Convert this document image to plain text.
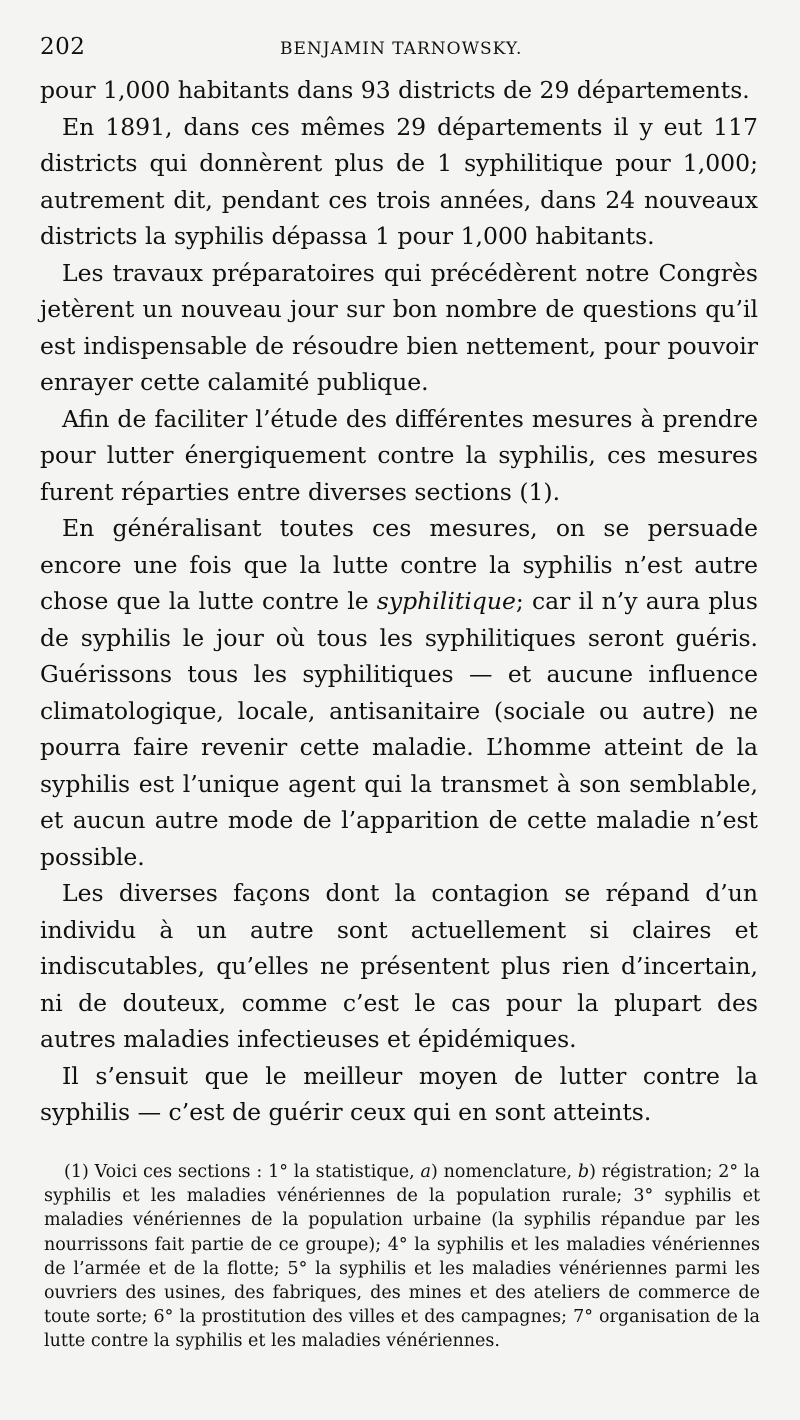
202	BENJAMIN TARNOWSKY.

pour 1,000 habitants dans 93 districts de 29 départements.

En 1891, dans ces mêmes 29 départements il y eut 117 districts qui donnèrent plus de 1 syphilitique pour 1,000; autrement dit, pendant ces trois années, dans 24 nouveaux districts la syphilis dépassa 1 pour 1,000 habitants.

Les travaux préparatoires qui précédèrent notre Congrès jetèrent un nouveau jour sur bon nombre de questions qu’il est indispensable de résoudre bien nettement, pour pouvoir enrayer cette calamité publique.

Afin de faciliter l’étude des différentes mesures à prendre pour lutter énergiquement contre la syphilis, ces mesures furent réparties entre diverses sections (1).

En généralisant toutes ces mesures, on se persuade encore une fois que la lutte contre la syphilis n’est autre chose que la lutte contre le syphilitique; car il n’y aura plus de syphilis le jour où tous les syphilitiques seront guéris. Guérissons tous les syphilitiques — et aucune influence climatologique, locale, antisanitaire (sociale ou autre) ne pourra faire revenir cette maladie. L’homme atteint de la syphilis est l’unique agent qui la transmet à son semblable, et aucun autre mode de l’apparition de cette maladie n’est possible.

Les diverses façons dont la contagion se répand d’un individu à un autre sont actuellement si claires et indiscutables, qu’elles ne présentent plus rien d’incertain, ni de douteux, comme c’est le cas pour la plupart des autres maladies infectieuses et épidémiques.

Il s’ensuit que le meilleur moyen de lutter contre la syphilis — c’est de guérir ceux qui en sont atteints.

(1) Voici ces sections : 1° la statistique, a) nomenclature, b) régistration; 2° la syphilis et les maladies vénériennes de la population rurale; 3° syphilis et maladies vénériennes de la population urbaine (la syphilis répandue par les nourrissons fait partie de ce groupe); 4° la syphilis et les maladies vénériennes de l’armée et de la flotte; 5° la syphilis et les maladies vénériennes parmi les ouvriers des usines, des fabriques, des mines et des ateliers de commerce de toute sorte; 6° la prostitution des villes et des campagnes; 7° organisation de la lutte contre la syphilis et les maladies vénériennes.
